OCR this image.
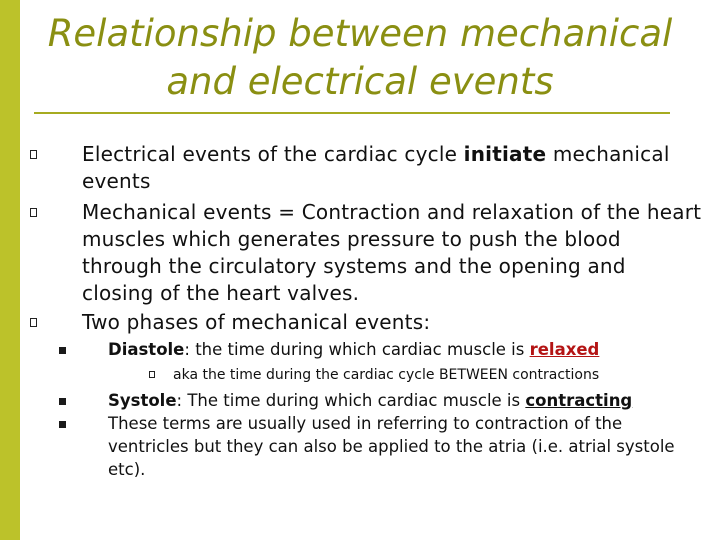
Relationship between mechanical
and electrical events
Electrical events of the cardiac cycle initiate mechanical events
Mechanical events = Contraction and relaxation of the heart muscles which generates pressure to push the blood through the circulatory systems and the opening and closing of the heart valves.
Two phases of mechanical events:
Diastole: the time during which cardiac muscle is relaxed
aka the time during the cardiac cycle BETWEEN contractions
Systole: The time during which cardiac muscle is contracting
These terms are usually used in referring to contraction of the ventricles but they can also be applied to the atria (i.e. atrial systole etc).
